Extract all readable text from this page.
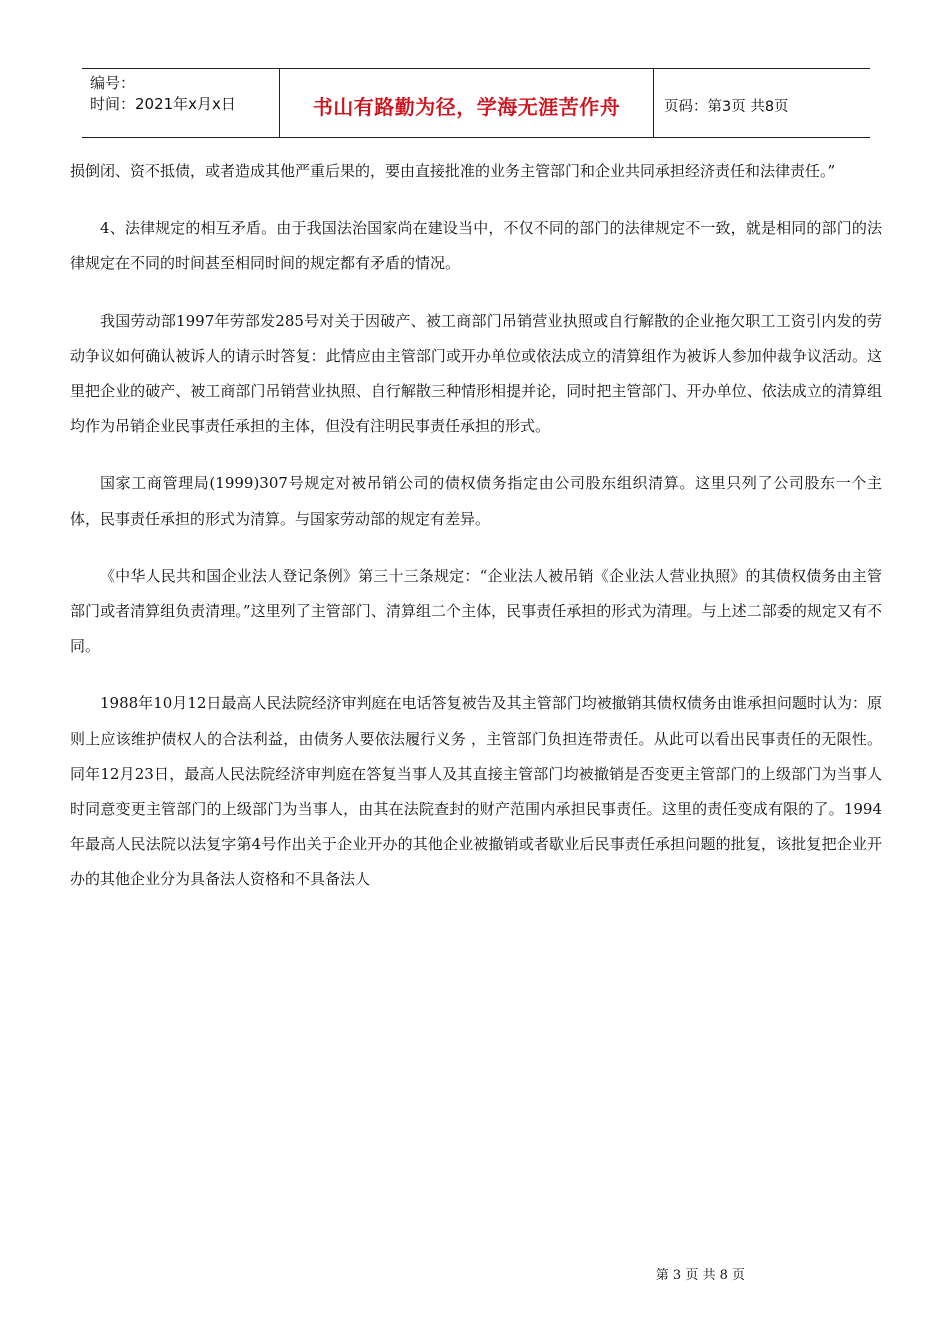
编号：
时间：2021年x月x日	书山有路勤为径，学海无涯苦作舟	页码：第3页 共8页

损倒闭、资不抵债，或者造成其他严重后果的，要由直接批准的业务主管部门和企业共同承担经济责任和法律责任。”

4、法律规定的相互矛盾。由于我国法治国家尚在建设当中，不仅不同的部门的法律规定不一致，就是相同的部门的法律规定在不同的时间甚至相同时间的规定都有矛盾的情况。

我国劳动部1997年劳部发285号对关于因破产、被工商部门吊销营业执照或自行解散的企业拖欠职工工资引内发的劳动争议如何确认被诉人的请示时答复：此情应由主管部门或开办单位或依法成立的清算组作为被诉人参加仲裁争议活动。这里把企业的破产、被工商部门吊销营业执照、自行解散三种情形相提并论，同时把主管部门、开办单位、依法成立的清算组均作为吊销企业民事责任承担的主体，但没有注明民事责任承担的形式。

国家工商管理局(1999)307号规定对被吊销公司的债权债务指定由公司股东组织清算。这里只列了公司股东一个主体，民事责任承担的形式为清算。与国家劳动部的规定有差异。

《中华人民共和国企业法人登记条例》第三十三条规定：“企业法人被吊销《企业法人营业执照》的其债权债务由主管部门或者清算组负责清理。”这里列了主管部门、清算组二个主体，民事责任承担的形式为清理。与上述二部委的规定又有不同。

1988年10月12日最高人民法院经济审判庭在电话答复被告及其主管部门均被撤销其债权债务由谁承担问题时认为：原则上应该维护债权人的合法利益，由债务人要依法履行义务 ，主管部门负担连带责任。从此可以看出民事责任的无限性。同年12月23日，最高人民法院经济审判庭在答复当事人及其直接主管部门均被撤销是否变更主管部门的上级部门为当事人时同意变更主管部门的上级部门为当事人，由其在法院查封的财产范围内承担民事责任。这里的责任变成有限的了。1994年最高人民法院以法复字第4号作出关于企业开办的其他企业被撤销或者歇业后民事责任承担问题的批复，该批复把企业开办的其他企业分为具备法人资格和不具备法人

第 3 页 共 8 页
